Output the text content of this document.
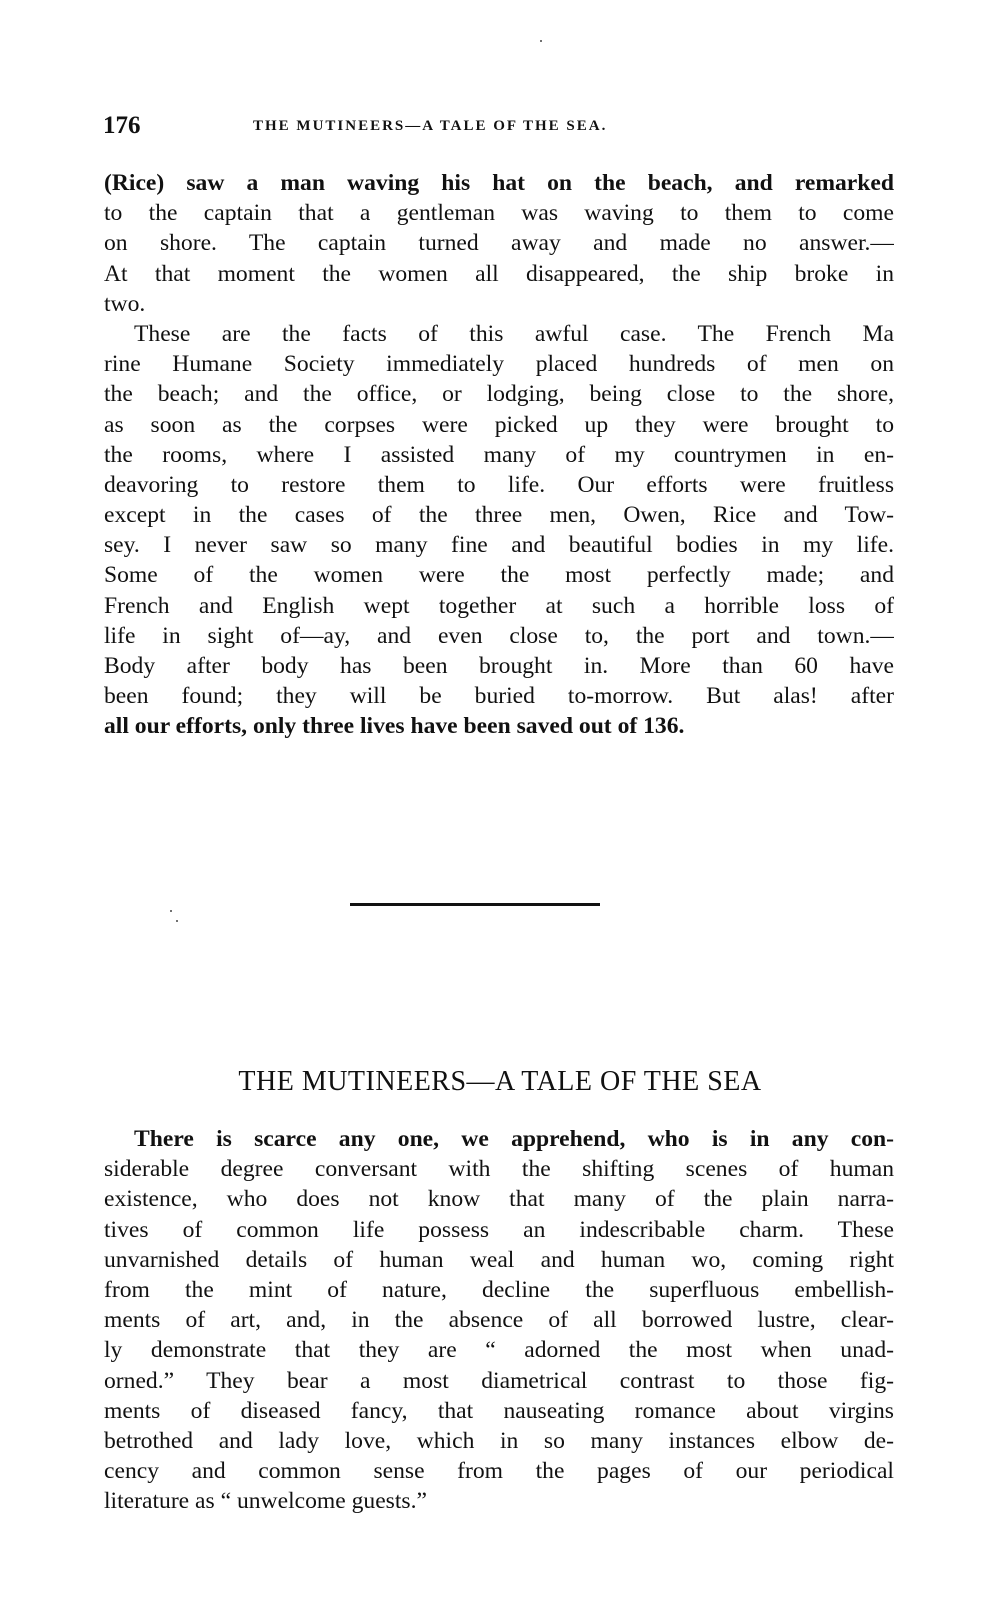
176	THE MUTINEERS—A TALE OF THE SEA.
(Rice) saw a man waving his hat on the beach, and remarked
to the captain that a gentleman was waving to them to come
on shore. The captain turned away and made no answer.—
At that moment the women all disappeared, the ship broke in
two.
These are the facts of this awful case. The French Ma
rine Humane Society immediately placed hundreds of men on
the beach; and the office, or lodging, being close to the shore,
as soon as the corpses were picked up they were brought to
the rooms, where I assisted many of my countrymen in en-
deavoring to restore them to life. Our efforts were fruitless
except in the cases of the three men, Owen, Rice and Tow-
sey. I never saw so many fine and beautiful bodies in my life.
Some of the women were the most perfectly made; and
French and English wept together at such a horrible loss of
life in sight of—ay, and even close to, the port and town.—
Body after body has been brought in. More than 60 have
been found; they will be buried to-morrow. But alas! after
all our efforts, only three lives have been saved out of 136.
THE MUTINEERS—A TALE OF THE SEA
There is scarce any one, we apprehend, who is in any con-
siderable degree conversant with the shifting scenes of human
existence, who does not know that many of the plain narra-
tives of common life possess an indescribable charm. These
unvarnished details of human weal and human wo, coming right
from the mint of nature, decline the superfluous embellish-
ments of art, and, in the absence of all borrowed lustre, clear-
ly demonstrate that they are “ adorned the most when unad-
orned.” They bear a most diametrical contrast to those fig-
ments of diseased fancy, that nauseating romance about virgins
betrothed and lady love, which in so many instances elbow de-
cency and common sense from the pages of our periodical
literature as “ unwelcome guests.”
